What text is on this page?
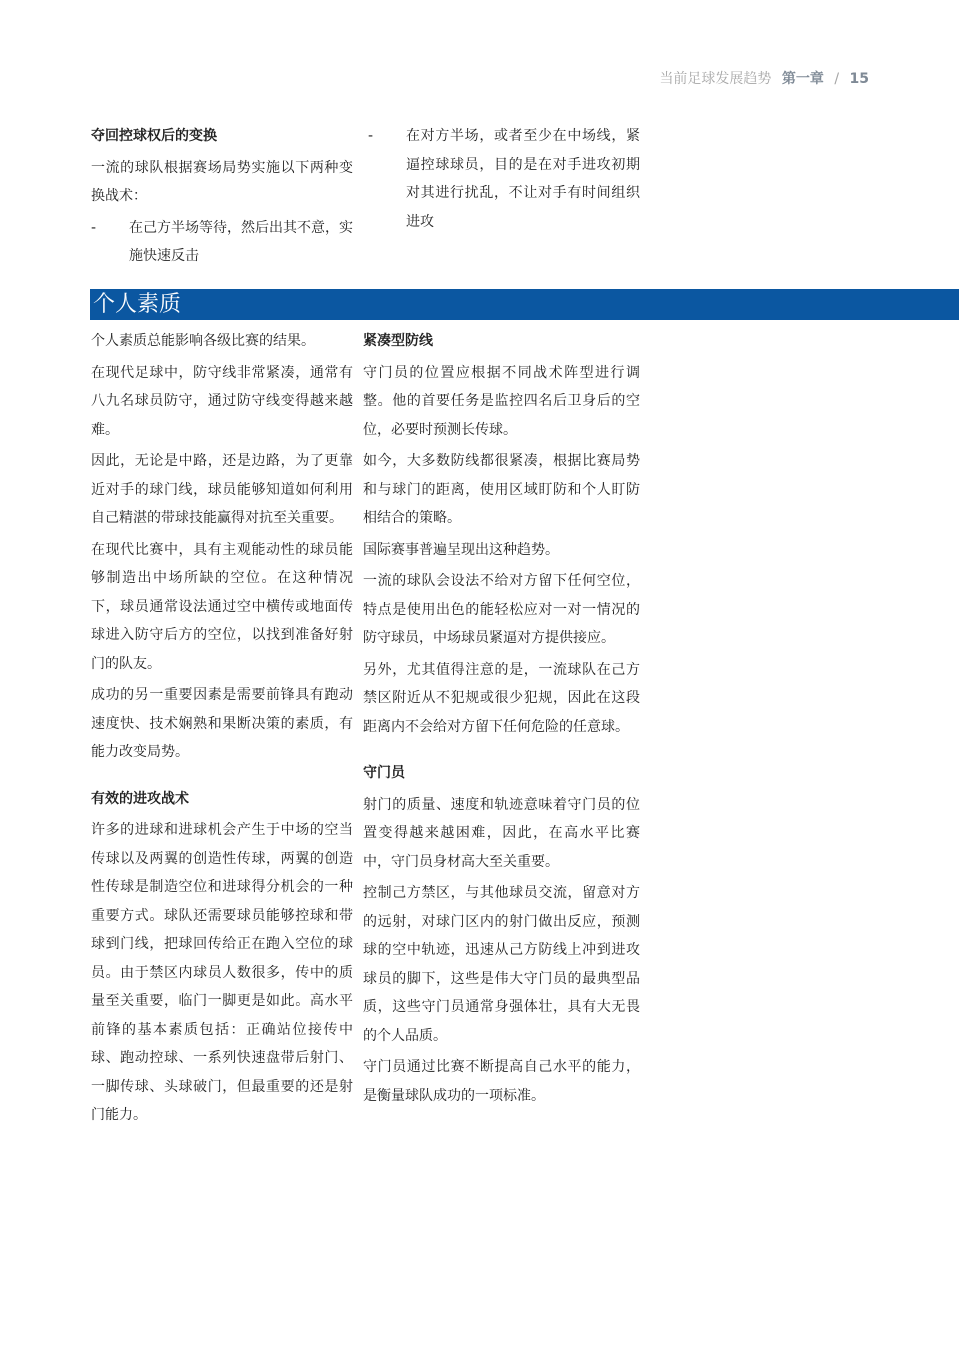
当前足球发展趋势 第一章 / 15
夺回控球权后的变换

一流的球队根据赛场局势实施以下两种变换战术：

- 在己方半场等待，然后出其不意，实施快速反击

- 在对方半场，或者至少在中场线，紧逼控球球员，目的是在对手进攻初期对其进行扰乱，不让对手有时间组织进攻

个人素质

个人素质总能影响各级比赛的结果。

在现代足球中，防守线非常紧凑，通常有八九名球员防守，通过防守线变得越来越难。

因此，无论是中路，还是边路，为了更靠近对手的球门线，球员能够知道如何利用自己精湛的带球技能赢得对抗至关重要。

在现代比赛中，具有主观能动性的球员能够制造出中场所缺的空位。在这种情况下，球员通常设法通过空中横传或地面传球进入防守后方的空位，以找到准备好射门的队友。

成功的另一重要因素是需要前锋具有跑动速度快、技术娴熟和果断决策的素质，有能力改变局势。

有效的进攻战术

许多的进球和进球机会产生于中场的空当传球以及两翼的创造性传球，两翼的创造性传球是制造空位和进球得分机会的一种重要方式。球队还需要球员能够控球和带球到门线，把球回传给正在跑入空位的球员。由于禁区内球员人数很多，传中的质量至关重要，临门一脚更是如此。高水平前锋的基本素质包括：正确站位接传中球、跑动控球、一系列快速盘带后射门、一脚传球、头球破门，但最重要的还是射门能力。

紧凑型防线

守门员的位置应根据不同战术阵型进行调整。他的首要任务是监控四名后卫身后的空位，必要时预测长传球。

如今，大多数防线都很紧凑，根据比赛局势和与球门的距离，使用区域盯防和个人盯防相结合的策略。

国际赛事普遍呈现出这种趋势。

一流的球队会设法不给对方留下任何空位，特点是使用出色的能轻松应对一对一情况的防守球员，中场球员紧逼对方提供接应。

另外，尤其值得注意的是，一流球队在己方禁区附近从不犯规或很少犯规，因此在这段距离内不会给对方留下任何危险的任意球。

守门员

射门的质量、速度和轨迹意味着守门员的位置变得越来越困难，因此，在高水平比赛中，守门员身材高大至关重要。

控制己方禁区，与其他球员交流，留意对方的远射，对球门区内的射门做出反应，预测球的空中轨迹，迅速从己方防线上冲到进攻球员的脚下，这些是伟大守门员的最典型品质，这些守门员通常身强体壮，具有大无畏的个人品质。

守门员通过比赛不断提高自己水平的能力，是衡量球队成功的一项标准。
